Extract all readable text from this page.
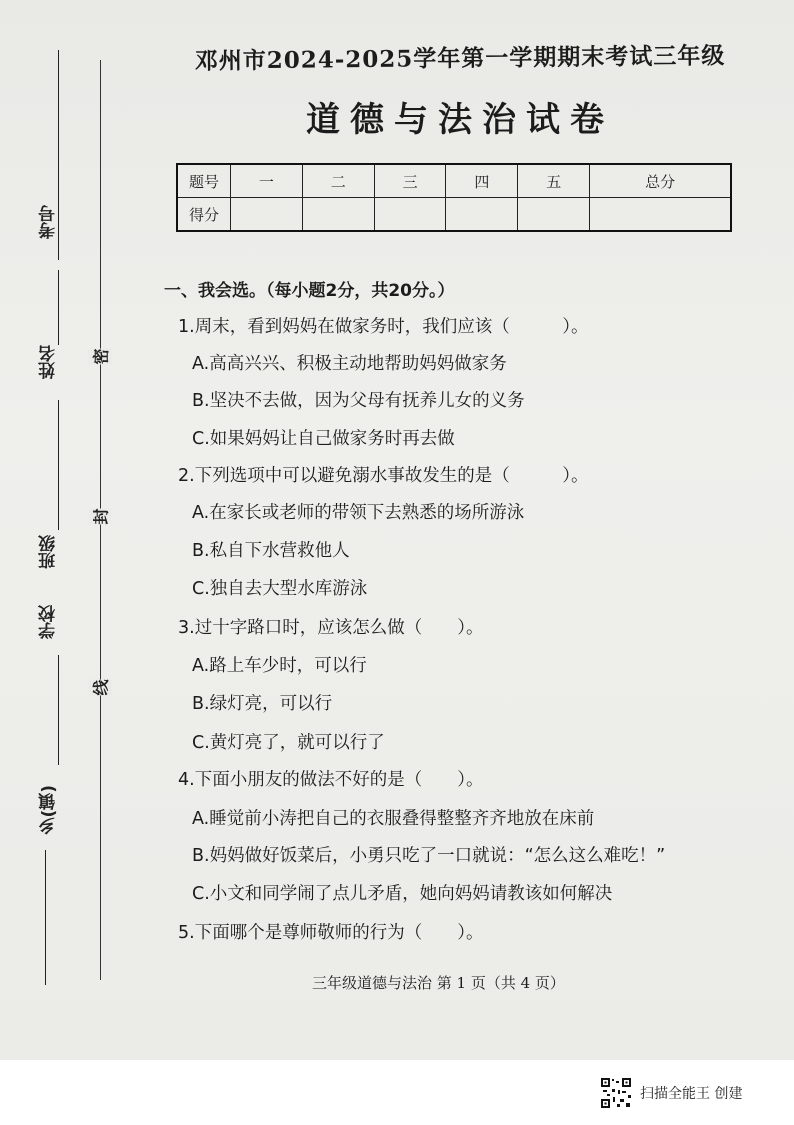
考号
姓名
班级
学校
乡(镇)
密
封
线
邓州市2024-2025学年第一学期期末考试三年级
道德与法治试卷
题号	一	二	三	四	五	总分
得分						
一、我会选。（每小题2分，共20分。）
1.周末，看到妈妈在做家务时，我们应该（　　　）。
A.高高兴兴、积极主动地帮助妈妈做家务
B.坚决不去做，因为父母有抚养儿女的义务
C.如果妈妈让自己做家务时再去做
2.下列选项中可以避免溺水事故发生的是（　　　）。
A.在家长或老师的带领下去熟悉的场所游泳
B.私自下水营救他人
C.独自去大型水库游泳
3.过十字路口时，应该怎么做（　　）。
A.路上车少时，可以行
B.绿灯亮，可以行
C.黄灯亮了，就可以行了
4.下面小朋友的做法不好的是（　　）。
A.睡觉前小涛把自己的衣服叠得整整齐齐地放在床前
B.妈妈做好饭菜后，小勇只吃了一口就说：“怎么这么难吃！”
C.小文和同学闹了点儿矛盾，她向妈妈请教该如何解决
5.下面哪个是尊师敬师的行为（　　）。
三年级道德与法治 第 1 页（共 4 页）
扫描全能王 创建
